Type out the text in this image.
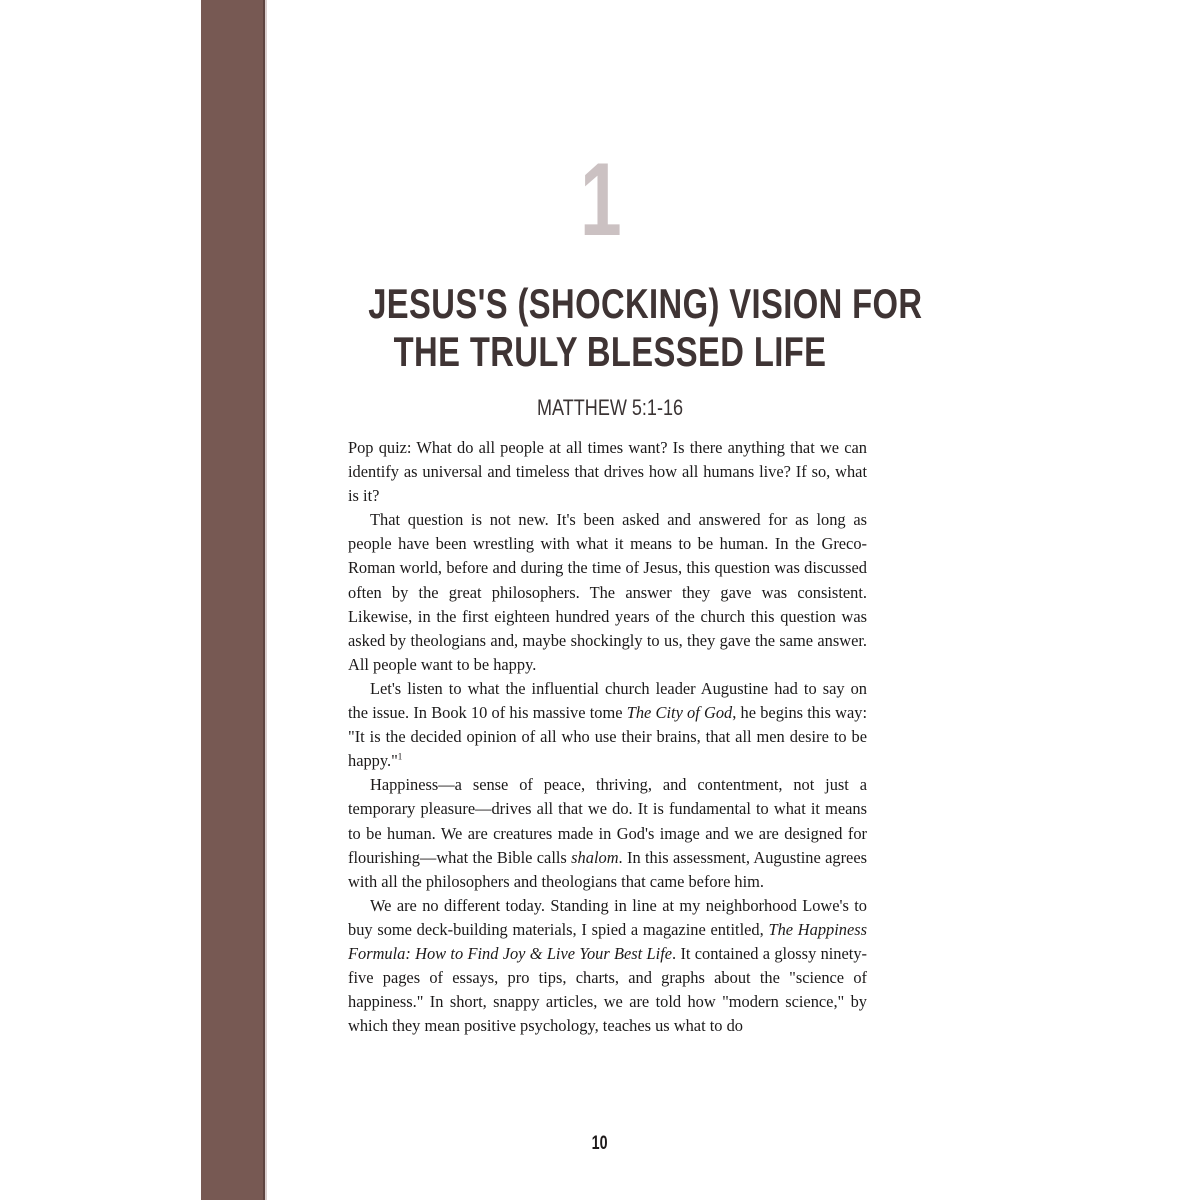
1
JESUS'S (SHOCKING) VISION FOR
THE TRULY BLESSED LIFE
MATTHEW 5:1-16

Pop quiz: What do all people at all times want? Is there anything that we can identify as universal and timeless that drives how all humans live? If so, what is it?

That question is not new. It's been asked and answered for as long as people have been wrestling with what it means to be human. In the Greco-Roman world, before and during the time of Jesus, this question was discussed often by the great philosophers. The answer they gave was consistent. Likewise, in the first eighteen hundred years of the church this question was asked by theologians and, maybe shockingly to us, they gave the same answer. All people want to be happy.

Let's listen to what the influential church leader Augustine had to say on the issue. In Book 10 of his massive tome The City of God, he begins this way: "It is the decided opinion of all who use their brains, that all men desire to be happy."$^1$

Happiness—a sense of peace, thriving, and contentment, not just a temporary pleasure—drives all that we do. It is fundamental to what it means to be human. We are creatures made in God's image and we are designed for flourishing—what the Bible calls shalom. In this assessment, Augustine agrees with all the philosophers and theologians that came before him.

We are no different today. Standing in line at my neighborhood Lowe's to buy some deck-building materials, I spied a magazine entitled, The Happiness Formula: How to Find Joy & Live Your Best Life. It contained a glossy ninety-five pages of essays, pro tips, charts, and graphs about the "science of happiness." In short, snappy articles, we are told how "modern science," by which they mean positive psychology, teaches us what to do

10
